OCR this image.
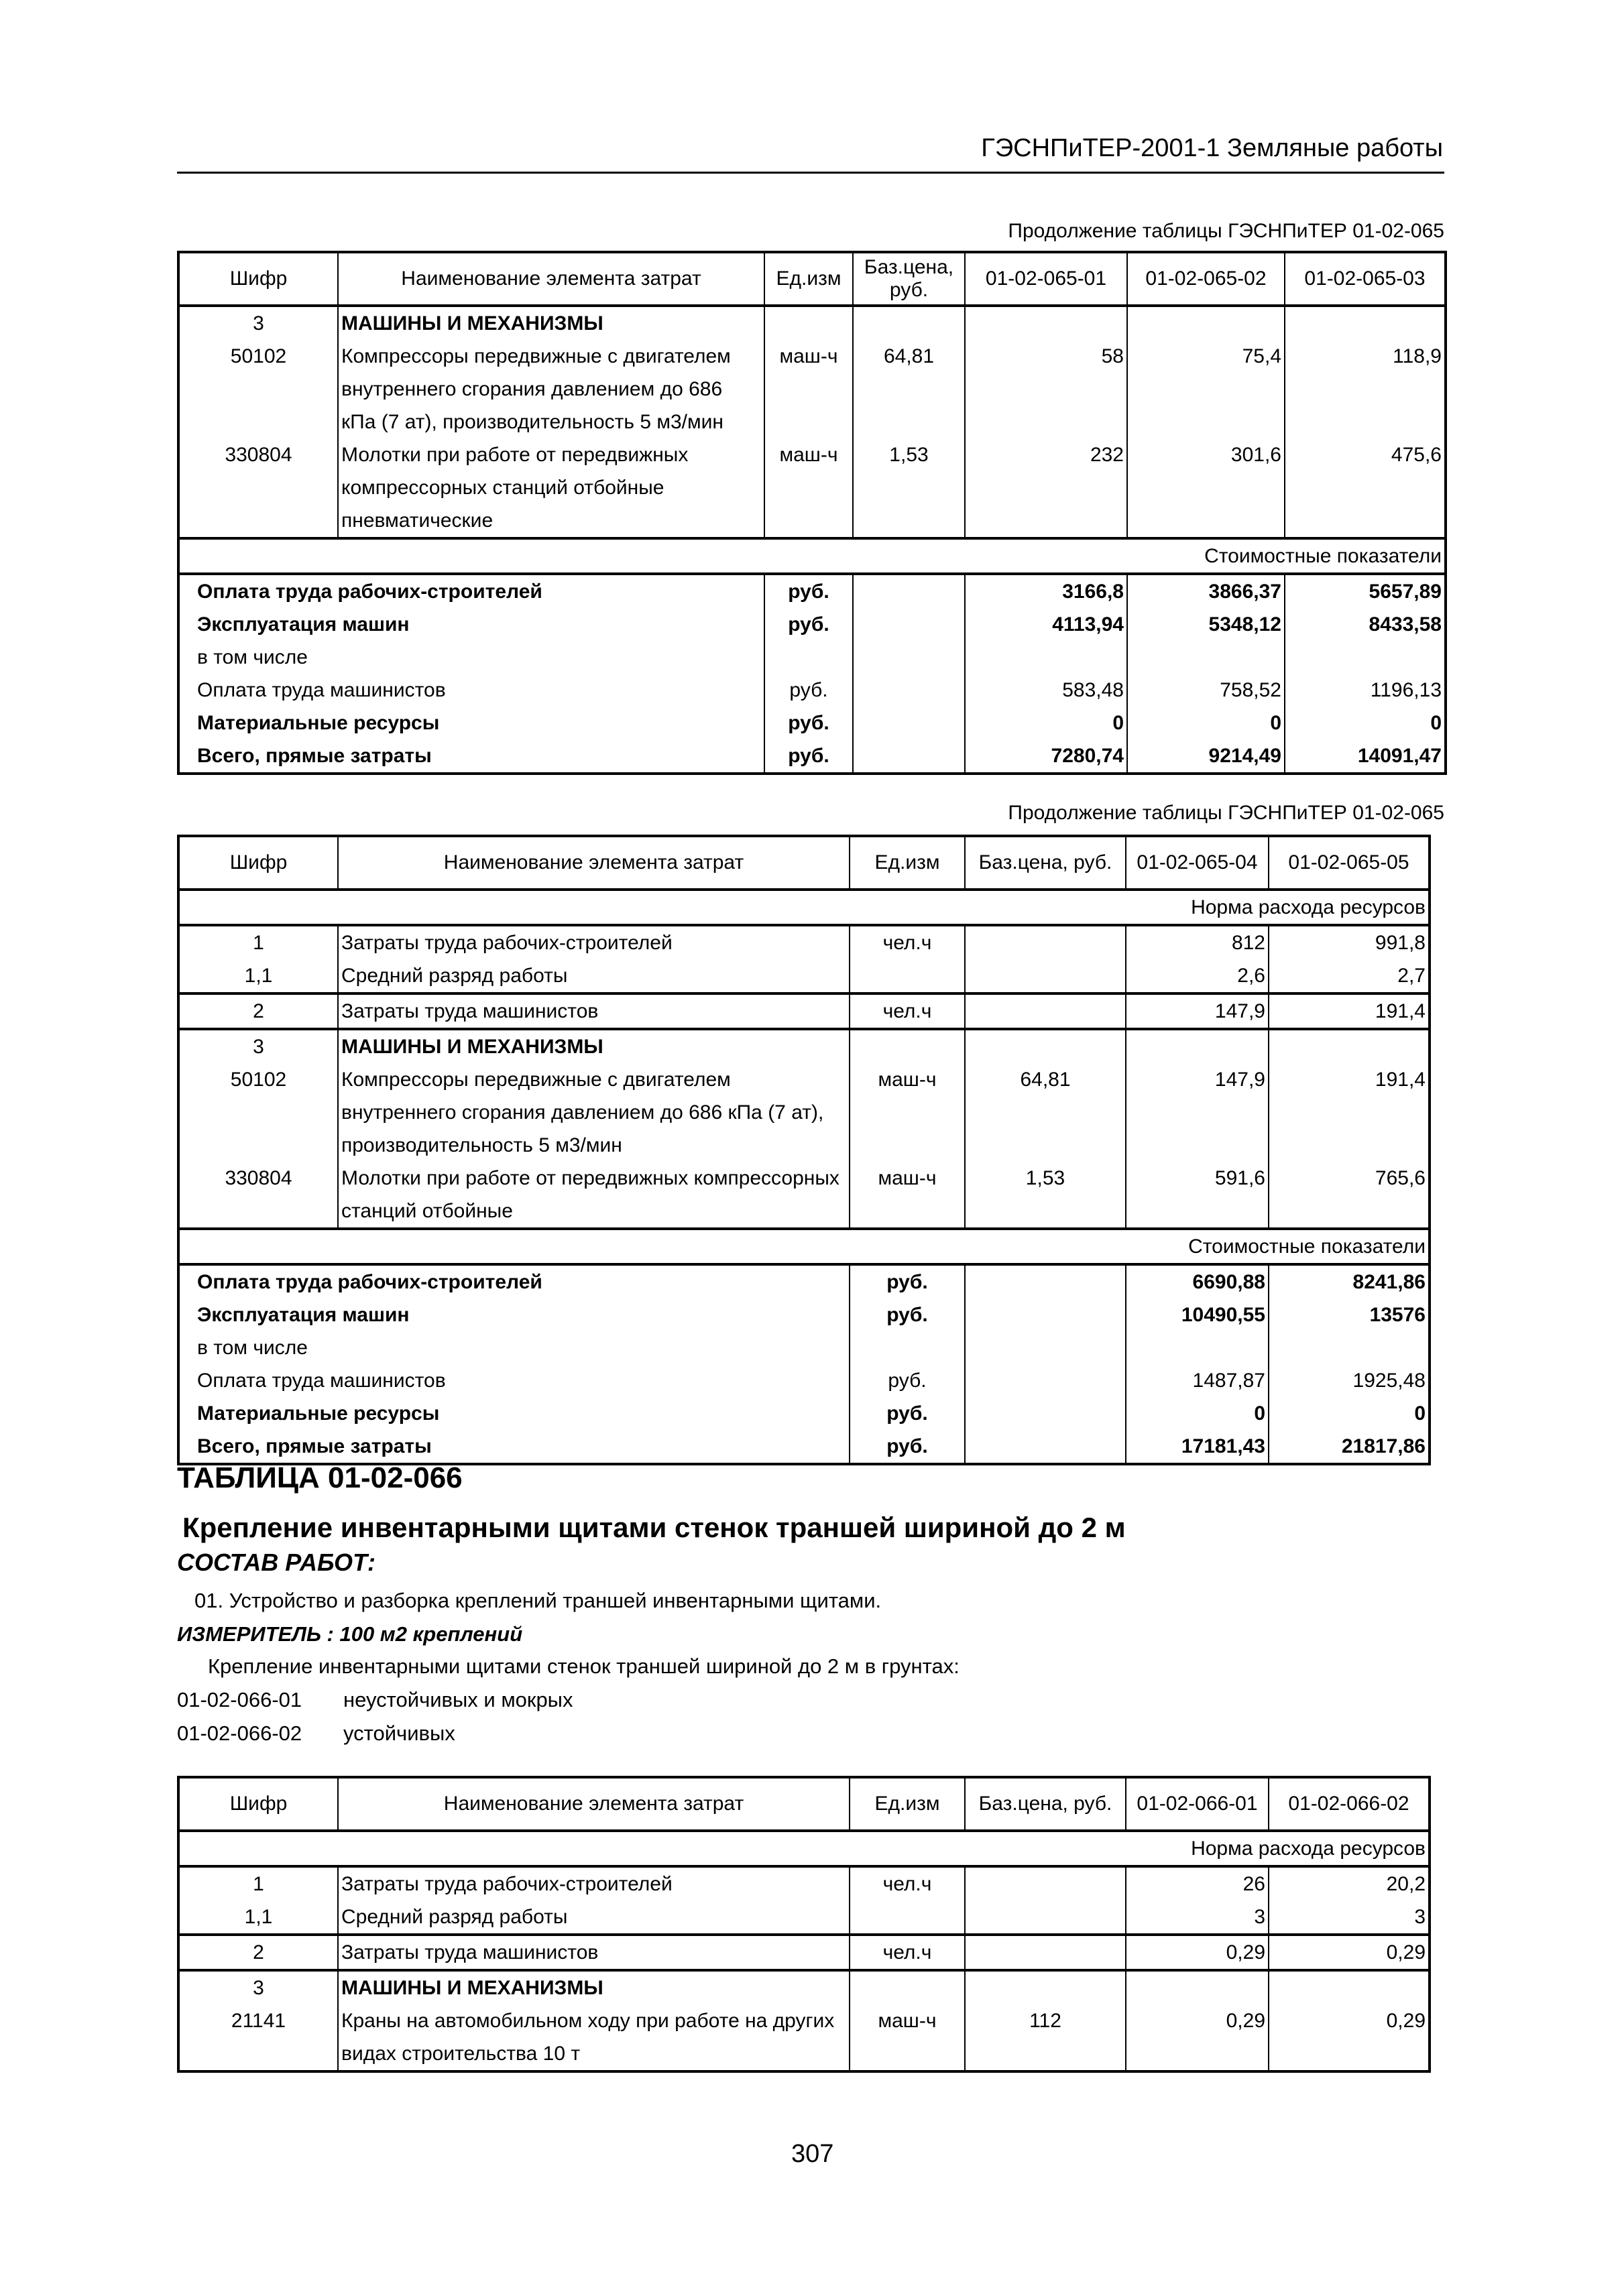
ГЭСНПиТЕР-2001-1 Земляные работы
Продолжение таблицы ГЭСНПиТЕР 01-02-065
Шифр	Наименование элемента затрат	Ед.изм	Баз.цена, руб.	01-02-065-01	01-02-065-02	01-02-065-03
3	МАШИНЫ И МЕХАНИЗМЫ					
50102	Компрессоры передвижные с двигателем внутреннего сгорания давлением до 686 кПа (7 ат), производительность 5 м3/мин	маш-ч	64,81	58	75,4	118,9
330804	Молотки при работе от передвижных компрессорных станций отбойные пневматические	маш-ч	1,53	232	301,6	475,6
Стоимостные показатели						
Оплата труда рабочих-строителей		руб.		3166,8	3866,37	5657,89
Эксплуатация машин		руб.		4113,94	5348,12	8433,58
в том числе						
Оплата труда машинистов		руб.		583,48	758,52	1196,13
Материальные ресурсы		руб.		0	0	0
Всего, прямые затраты		руб.		7280,74	9214,49	14091,47
Продолжение таблицы ГЭСНПиТЕР 01-02-065
Шифр	Наименование элемента затрат	Ед.изм	Баз.цена, руб.	01-02-065-04	01-02-065-05
Норма расхода ресурсов					
1	Затраты труда рабочих-строителей	чел.ч		812	991,8
1,1	Средний разряд работы			2,6	2,7
2	Затраты труда машинистов	чел.ч		147,9	191,4
3	МАШИНЫ И МЕХАНИЗМЫ				
50102	Компрессоры передвижные с двигателем внутреннего сгорания давлением до 686 кПа (7 ат), производительность 5 м3/мин	маш-ч	64,81	147,9	191,4
330804	Молотки при работе от передвижных компрессорных станций отбойные	маш-ч	1,53	591,6	765,6
Стоимостные показатели					
Оплата труда рабочих-строителей		руб.		6690,88	8241,86
Эксплуатация машин		руб.		10490,55	13576
в том числе					
Оплата труда машинистов		руб.		1487,87	1925,48
Материальные ресурсы		руб.		0	0
Всего, прямые затраты		руб.		17181,43	21817,86
ТАБЛИЦА 01-02-066
Крепление инвентарными щитами стенок траншей шириной до 2 м
СОСТАВ РАБОТ:
01. Устройство и разборка креплений траншей инвентарными щитами.
ИЗМЕРИТЕЛЬ : 100 м2 креплений
Крепление инвентарными щитами стенок траншей шириной до 2 м в грунтах:
01-02-066-01 неустойчивых и мокрых
01-02-066-02 устойчивых
Шифр	Наименование элемента затрат	Ед.изм	Баз.цена, руб.	01-02-066-01	01-02-066-02
Норма расхода ресурсов					
1	Затраты труда рабочих-строителей	чел.ч		26	20,2
1,1	Средний разряд работы			3	3
2	Затраты труда машинистов	чел.ч		0,29	0,29
3	МАШИНЫ И МЕХАНИЗМЫ				
21141	Краны на автомобильном ходу при работе на других видах строительства 10 т	маш-ч	112	0,29	0,29
307
